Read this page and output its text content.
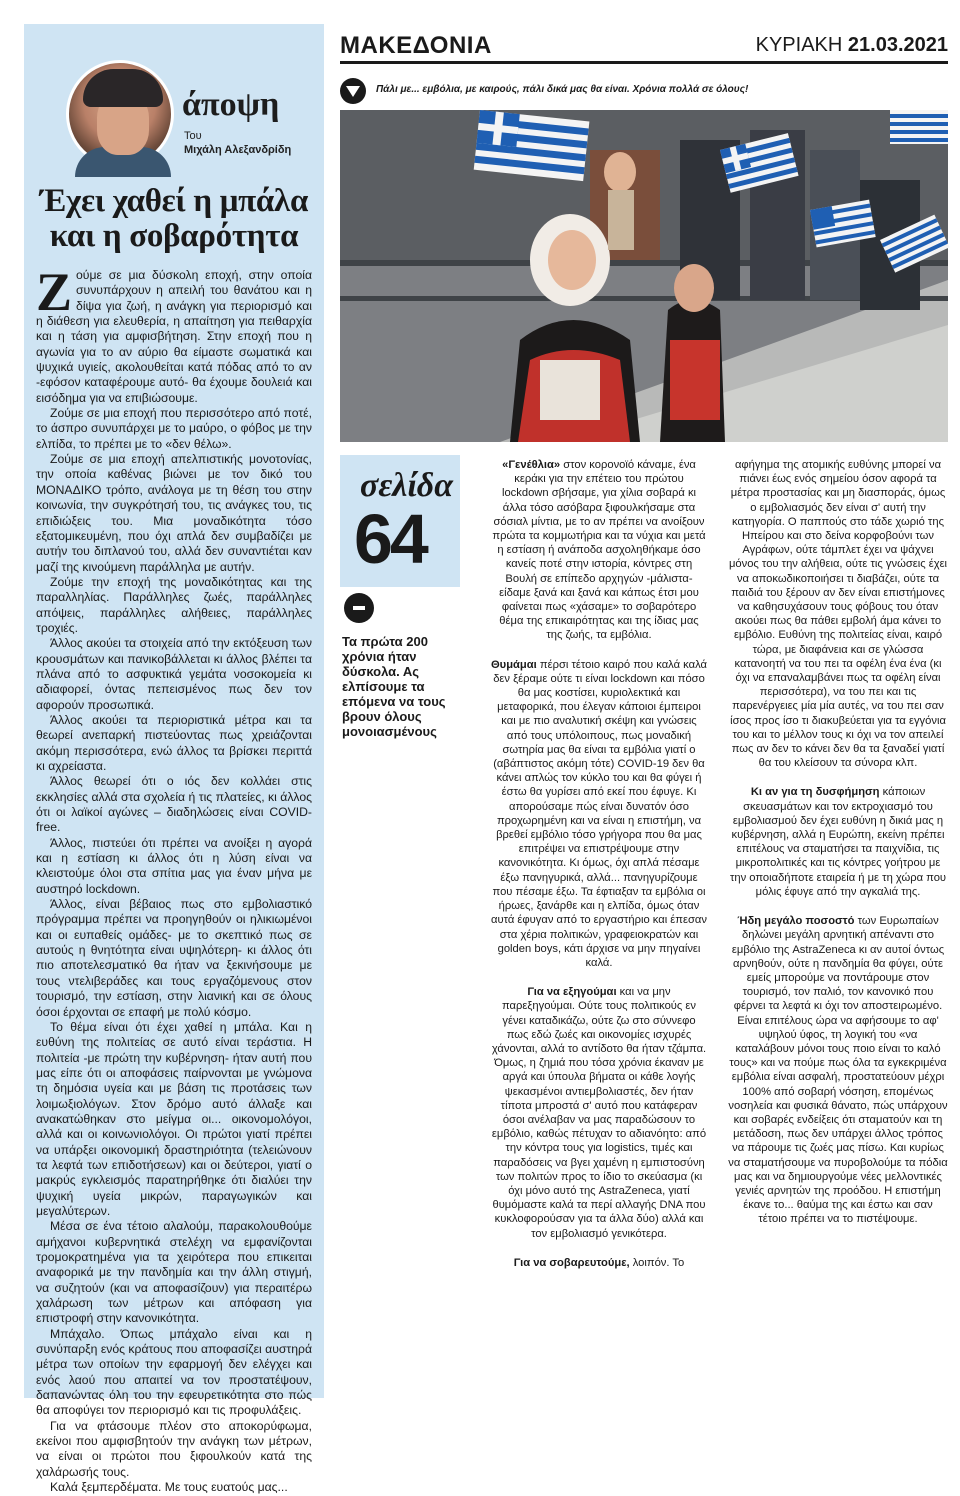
άποψη
Του
Μιχάλη Αλεξανδρίδη
Έχει χαθεί η μπάλα και η σοβαρότητα

Ζούμε σε μια δύσκολη εποχή, στην οποία συνυπάρχουν η απειλή του θανάτου και η δίψα για ζωή, η ανάγκη για περιορισμό και η διάθεση για ελευθερία, η απαίτηση για πειθαρχία και η τάση για αμφισβήτηση. Στην εποχή που η αγωνία για το αν αύριο θα είμαστε σωματικά και ψυχικά υγιείς, ακολουθείται κατά πόδας από το αν -εφόσον καταφέρουμε αυτό- θα έχουμε δουλειά και εισόδημα για να επιβιώσουμε.

Ζούμε σε μια εποχή που περισσότερο από ποτέ, το άσπρο συνυπάρχει με το μαύρο, ο φόβος με την ελπίδα, το πρέπει με το «δεν θέλω».

Ζούμε σε μια εποχή απελπιστικής μονοτονίας, την οποία καθένας βιώνει με τον δικό του ΜΟΝΑΔΙΚΟ τρόπο, ανάλογα με τη θέση του στην κοινωνία, την συγκρότησή του, τις ανάγκες του, τις επιδιώξεις του. Μια μοναδικότητα τόσο εξατομικευμένη, που όχι απλά δεν συμβαδίζει με αυτήν του διπλανού του, αλλά δεν συναντιέται καν μαζί της κινούμενη παράλληλα με αυτήν.

Ζούμε την εποχή της μοναδικότητας και της παραλληλίας. Παράλληλες ζωές, παράλληλες απόψεις, παράλληλες αλήθειες, παράλληλες τροχιές.

Άλλος ακούει τα στοιχεία από την εκτόξευση των κρουσμάτων και πανικοβάλλεται κι άλλος βλέπει τα πλάνα από το ασφυκτικά γεμάτα νοσοκομεία κι αδιαφορεί, όντας πεπεισμένος πως δεν τον αφορούν προσωπικά.

Άλλος ακούει τα περιοριστικά μέτρα και τα θεωρεί ανεπαρκή πιστεύοντας πως χρειάζονται ακόμη περισσότερα, ενώ άλλος τα βρίσκει περιττά κι αχρείαστα.

Άλλος θεωρεί ότι ο ιός δεν κολλάει στις εκκλησίες αλλά στα σχολεία ή τις πλατείες, κι άλλος ότι οι λαϊκοί αγώνες – διαδηλώσεις είναι COVID-free.

Άλλος, πιστεύει ότι πρέπει να ανοίξει η αγορά και η εστίαση κι άλλος ότι η λύση είναι να κλειστούμε όλοι στα σπίτια μας για έναν μήνα με αυστηρό lockdown.

Άλλος, είναι βέβαιος πως στο εμβολιαστικό πρόγραμμα πρέπει να προηγηθούν οι ηλικιωμένοι και οι ευπαθείς ομάδες- με το σκεπτικό πως σε αυτούς η θνητότητα είναι υψηλότερη- κι άλλος ότι πιο αποτελεσματικό θα ήταν να ξεκινήσουμε με τους ντελιβεράδες και τους εργαζόμενους στον τουρισμό, την εστίαση, στην λιανική και σε όλους όσοι έρχονται σε επαφή με πολύ κόσμο.

Το θέμα είναι ότι έχει χαθεί η μπάλα. Και η ευθύνη της πολιτείας σε αυτό είναι τεράστια. Η πολιτεία -με πρώτη την κυβέρνηση- ήταν αυτή που μας είπε ότι οι αποφάσεις παίρνονται με γνώμονα τη δημόσια υγεία και με βάση τις προτάσεις των λοιμωξιολόγων. Στον δρόμο αυτό άλλαξε και ανακατώθηκαν στο μείγμα οι... οικονομολόγοι, αλλά και οι κοινωνιολόγοι. Οι πρώτοι γιατί πρέπει να υπάρξει οικονομική δραστηριότητα (τελειώνουν τα λεφτά των επιδοτήσεων) και οι δεύτεροι, γιατί ο μακρύς εγκλεισμός παρατηρήθηκε ότι διαλύει την ψυχική υγεία μικρών, παραγωγικών και μεγαλύτερων.

Μέσα σε ένα τέτοιο αλαλούμ, παρακολουθούμε αμήχανοι κυβερνητικά στελέχη να εμφανίζονται τρομοκρατημένα για τα χειρότερα που επικειται αναφορικά με την πανδημία και την άλλη στιγμή, να συζητούν (και να αποφασίζουν) για περαιτέρω χαλάρωση των μέτρων και απόφαση για επιστροφή στην κανονικότητα.

Μπάχαλο. Όπως μπάχαλο είναι και η συνύπαρξη ενός κράτους που αποφασίζει αυστηρά μέτρα των οποίων την εφαρμογή δεν ελέγχει και ενός λαού που απαιτεί να τον προστατέψουν, δαπανώντας όλη του την εφευρετικότητα στο πώς θα αποφύγει τον περιορισμό και τις προφυλάξεις.

Για να φτάσουμε πλέον στο αποκορύφωμα, εκείνοι που αμφισβητούν την ανάγκη των μέτρων, να είναι οι πρώτοι που ξιφουλκούν κατά της χαλάρωσής τους.

Καλά ξεμπερδέματα. Με τους ευατούς μας...

ΜΑΚΕΔΟΝΙΑ	ΚΥΡΙΑΚΗ 21.03.2021
Πάλι με... εμβόλια, με καιρούς, πάλι δικά μας θα είναι. Χρόνια πολλά σε όλους!
σελίδα
64
Τα πρώτα 200 χρόνια ήταν δύσκολα. Ας ελπίσουμε τα επόμενα να τους βρουν όλους μονοιασμένους

«Γενέθλια» στον κορονοϊό κάναμε, ένα κεράκι για την επέτειο του πρώτου lockdown σβήσαμε, για χίλια σοβαρά κι άλλα τόσο ασόβαρα ξιφουλκήσαμε στα σόσιαλ μίντια, με το αν πρέπει να ανοίξουν πρώτα τα κομμωτήρια και τα νύχια και μετά η εστίαση ή ανάποδα ασχοληθήκαμε όσο κανείς ποτέ στην ιστορία, κόντρες στη Βουλή σε επίπεδο αρχηγών -μάλιστα- είδαμε ξανά και ξανά και κάπως έτσι μου φαίνεται πως «χάσαμε» το σοβαρότερο θέμα της επικαιρότητας και της ίδιας μας της ζωής, τα εμβόλια.

Θυμάμαι πέρσι τέτοιο καιρό που καλά καλά δεν ξέραμε ούτε τι είναι lockdown και πόσο θα μας κοστίσει, κυριολεκτικά και μεταφορικά, που έλεγαν κάποιοι έμπειροι και με πιο αναλυτική σκέψη και γνώσεις από τους υπόλοιπους, πως μοναδική σωτηρία μας θα είναι τα εμβόλια γιατί ο (αβάπτιστος ακόμη τότε) COVID-19 δεν θα κάνει απλώς τον κύκλο του και θα φύγει ή έστω θα γυρίσει από εκεί που έφυγε. Κι απορούσαμε πώς είναι δυνατόν όσο προχωρημένη και να είναι η επιστήμη, να βρεθεί εμβόλιο τόσο γρήγορα που θα μας επιτρέψει να επιστρέψουμε στην κανονικότητα. Κι όμως, όχι απλά πέσαμε έξω πανηγυρικά, αλλά... πανηγυρίζουμε που πέσαμε έξω. Τα έφτιαξαν τα εμβόλια οι ήρωες, ξανάρθε και η ελπίδα, όμως όταν αυτά έφυγαν από το εργαστήριο και έπεσαν στα χέρια πολιτικών, γραφειοκρατών και golden boys, κάτι άρχισε να μην πηγαίνει καλά.

Για να εξηγούμαι και να μην παρεξηγούμαι. Ούτε τους πολιτικούς εν γένει καταδικάζω, ούτε ζω στο σύννεφο πως εδώ ζωές και οικονομίες ισχυρές χάνονται, αλλά το αντίδοτο θα ήταν τζάμπα. Όμως, η ζημιά που τόσα χρόνια έκαναν με αργά και ύπουλα βήματα οι κάθε λογής ψεκασμένοι αντιεμβολιαστές, δεν ήταν τίποτα μπροστά σ' αυτό που κατάφεραν όσοι ανέλαβαν να μας παραδώσουν το εμβόλιο, καθώς πέτυχαν το αδιανόητο: από την κόντρα τους για logistics, τιμές και παραδόσεις να βγει χαμένη η εμπιστοσύνη των πολιτών προς το ίδιο το σκεύασμα (κι όχι μόνο αυτό της AstraZeneca, γιατί θυμόμαστε καλά τα περί αλλαγής DNA που κυκλοφορούσαν για τα άλλα δύο) αλλά και τον εμβολιασμό γενικότερα.

Για να σοβαρευτούμε, λοιπόν. Το

αφήγημα της ατομικής ευθύνης μπορεί να πιάνει έως ενός σημείου όσον αφορά τα μέτρα προστασίας και μη διασποράς, όμως ο εμβολιασμός δεν είναι σ' αυτή την κατηγορία. Ο παππούς στο τάδε χωριό της Ηπείρου και στο δείνα κορφοβούνι των Αγράφων, ούτε τάμπλετ έχει να ψάχνει μόνος του την αλήθεια, ούτε τις γνώσεις έχει να αποκωδικοποιήσει τι διαβάζει, ούτε τα παιδιά του ξέρουν αν δεν είναι επιστήμονες να καθησυχάσουν τους φόβους του όταν ακούει πως θα πάθει εμβολή άμα κάνει το εμβόλιο. Ευθύνη της πολιτείας είναι, καιρό τώρα, με διαφάνεια και σε γλώσσα κατανοητή να του πει τα οφέλη ένα ένα (κι όχι να επαναλαμβάνει πως τα οφέλη είναι περισσότερα), να του πει και τις παρενέργειες μία μία αυτές, να του πει σαν ίσος προς ίσο τι διακυβεύεται για τα εγγόνια του και το μέλλον τους κι όχι να τον απειλεί πως αν δεν το κάνει δεν θα τα ξαναδεί γιατί θα του κλείσουν τα σύνορα κλπ.

Κι αν για τη δυσφήμηση κάποιων σκευασμάτων και τον εκτροχιασμό του εμβολιασμού δεν έχει ευθύνη η δικιά μας η κυβέρνηση, αλλά η Ευρώπη, εκείνη πρέπει επιτέλους να σταματήσει τα παιχνίδια, τις μικροπολιτικές και τις κόντρες γοήτρου με την οποιαδήποτε εταιρεία ή με τη χώρα που μόλις έφυγε από την αγκαλιά της.

Ήδη μεγάλο ποσοστό των Ευρωπαίων δηλώνει μεγάλη αρνητική απέναντι στο εμβόλιο της AstraZeneca κι αν αυτοί όντως αρνηθούν, ούτε η πανδημία θα φύγει, ούτε εμείς μπορούμε να ποντάρουμε στον τουρισμό, τον παλιό, τον κανονικό που φέρνει τα λεφτά κι όχι τον αποστειρωμένο. Είναι επιτέλους ώρα να αφήσουμε το αφ' υψηλού ύφος, τη λογική του «να καταλάβουν μόνοι τους ποιο είναι το καλό τους» και να πούμε πως όλα τα εγκεκριμένα εμβόλια είναι ασφαλή, προστατεύουν μέχρι 100% από σοβαρή νόσηση, επομένως νοσηλεία και φυσικά θάνατο, πώς υπάρχουν και σοβαρές ενδείξεις ότι σταματούν και τη μετάδοση, πως δεν υπάρχει άλλος τρόπος να πάρουμε τις ζωές μας πίσω. Και κυρίως να σταματήσουμε να πυροβολούμε τα πόδια μας και να δημιουργούμε νέες μελλοντικές γενιές αρνητών της προόδου. Η επιστήμη έκανε το... θαύμα της και έστω και σαν τέτοιο πρέπει να το πιστέψουμε.
